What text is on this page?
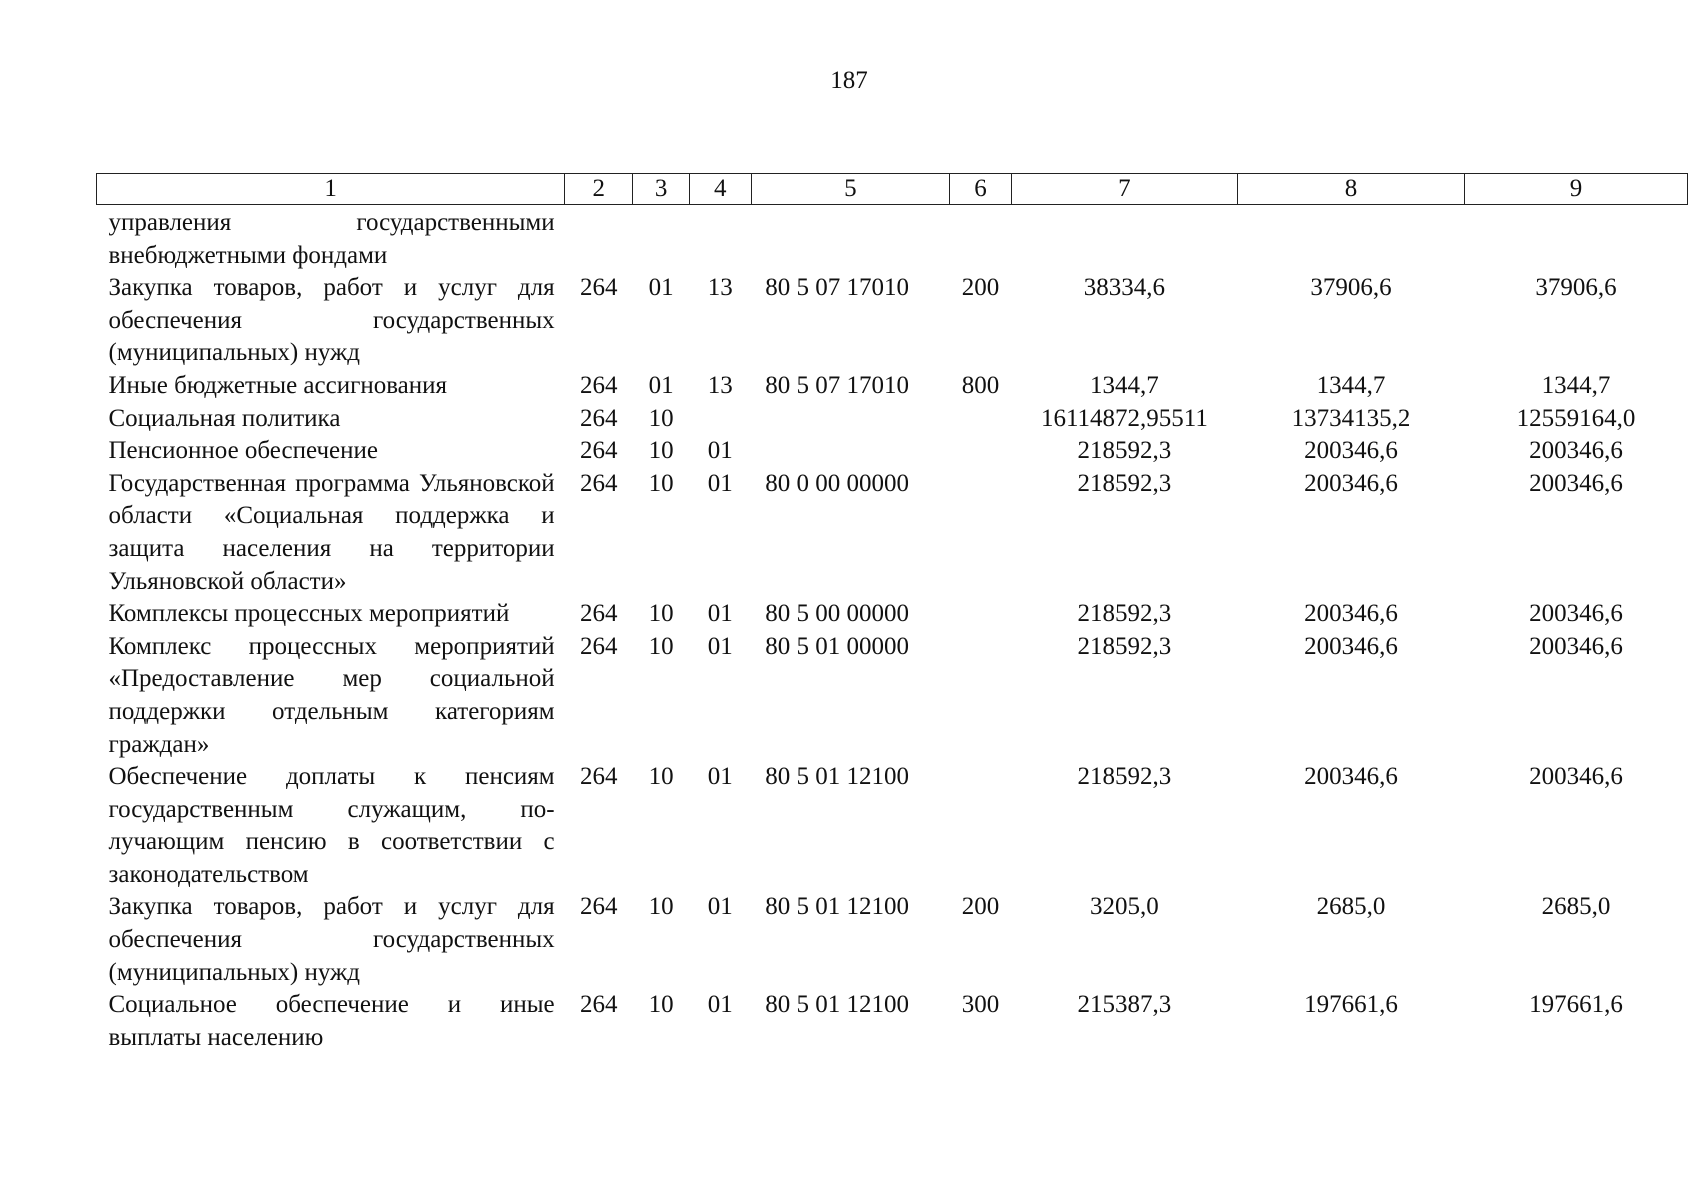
187
1	2	3	4	5	6	7	8	9
управления государственными внебюджетными фондами								
Закупка товаров, работ и услуг для обеспечения государственных (муниципальных) нужд	264	01	13	80 5 07 17010	200	38334,6	37906,6	37906,6
Иные бюджетные ассигнования	264	01	13	80 5 07 17010	800	1344,7	1344,7	1344,7
Социальная политика	264	10				16114872,95511	13734135,2	12559164,0
Пенсионное обеспечение	264	10	01			218592,3	200346,6	200346,6
Государственная программа Ульяновской области «Социальная поддержка и защита населения на территории Ульяновской области»	264	10	01	80 0 00 00000		218592,3	200346,6	200346,6
Комплексы процессных мероприятий	264	10	01	80 5 00 00000		218592,3	200346,6	200346,6
Комплекс процессных мероприятий «Предоставление мер социальной поддержки отдельным категориям граждан»	264	10	01	80 5 01 00000		218592,3	200346,6	200346,6
Обеспечение доплаты к пенсиям государственным служащим, получающим пенсию в соответствии с законодательством	264	10	01	80 5 01 12100		218592,3	200346,6	200346,6
Закупка товаров, работ и услуг для обеспечения государственных (муниципальных) нужд	264	10	01	80 5 01 12100	200	3205,0	2685,0	2685,0
Социальное обеспечение и иные выплаты населению	264	10	01	80 5 01 12100	300	215387,3	197661,6	197661,6
